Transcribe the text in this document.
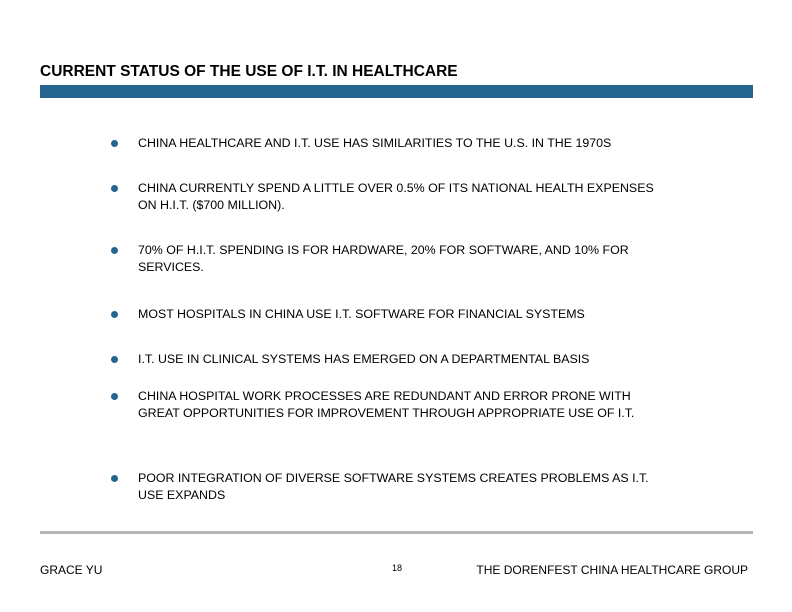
CURRENT STATUS OF THE USE OF I.T. IN HEALTHCARE
CHINA HEALTHCARE AND I.T. USE HAS SIMILARITIES TO THE U.S. IN THE 1970S
CHINA CURRENTLY SPEND A LITTLE OVER 0.5% OF ITS NATIONAL HEALTH EXPENSES ON H.I.T. ($700 MILLION).
70% OF H.I.T. SPENDING IS FOR HARDWARE, 20% FOR SOFTWARE, AND 10% FOR SERVICES.
MOST HOSPITALS IN CHINA USE I.T. SOFTWARE FOR FINANCIAL SYSTEMS
I.T. USE IN CLINICAL SYSTEMS HAS EMERGED ON A DEPARTMENTAL BASIS
CHINA HOSPITAL WORK PROCESSES ARE REDUNDANT AND ERROR PRONE WITH GREAT OPPORTUNITIES FOR IMPROVEMENT THROUGH APPROPRIATE USE OF I.T.
POOR INTEGRATION OF DIVERSE SOFTWARE SYSTEMS CREATES PROBLEMS AS I.T. USE EXPANDS
GRACE YU	18	THE DORENFEST CHINA HEALTHCARE GROUP
